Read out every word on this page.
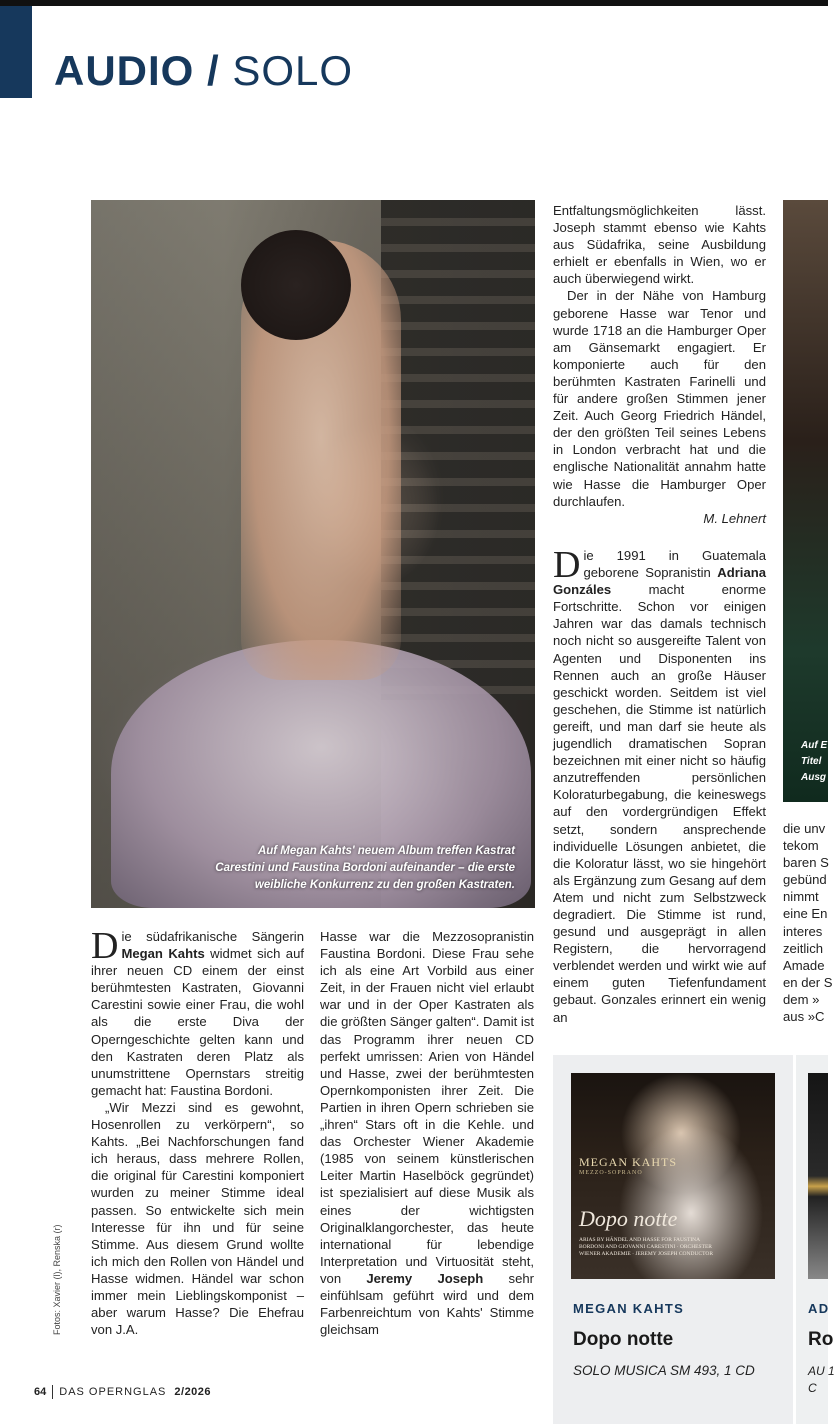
AUDIO / SOLO
Auf Megan Kahts' neuem Album treffen Kastrat Carestini und Faustina Bordoni aufeinander – die erste weibliche Konkurrenz zu den großen Kastraten.
Auf E
Titel
Ausg

Die südafrikanische Sängerin Megan Kahts widmet sich auf ihrer neuen CD einem der einst berühmtesten Kastraten, Giovanni Carestini sowie einer Frau, die wohl als die erste Diva der Operngeschichte gelten kann und den Kastraten deren Platz als unumstrittene Opernstars streitig gemacht hat: Faustina Bordoni.

„Wir Mezzi sind es gewohnt, Hosenrollen zu verkörpern“, so Kahts. „Bei Nachforschungen fand ich heraus, dass mehrere Rollen, die original für Carestini komponiert wurden zu meiner Stimme ideal passen. So entwickelte sich mein Interesse für ihn und für seine Stimme. Aus diesem Grund wollte ich mich den Rollen von Händel und Hasse widmen. Händel war schon immer mein Lieblingskomponist – aber warum Hasse? Die Ehefrau von J.A.

Hasse war die Mezzosopranistin Faustina Bordoni. Diese Frau sehe ich als eine Art Vorbild aus einer Zeit, in der Frauen nicht viel erlaubt war und in der Oper Kastraten als die größten Sänger galten“. Damit ist das Programm ihrer neuen CD perfekt umrissen: Arien von Händel und Hasse, zwei der berühmtesten Opernkomponisten ihrer Zeit. Die Partien in ihren Opern schrieben sie „ihren“ Stars oft in die Kehle. und das Orchester Wiener Akademie (1985 von seinem künstlerischen Leiter Martin Haselböck gegründet) ist spezialisiert auf diese Musik als eines der wichtigsten Originalklangorchester, das heute international für lebendige Interpretation und Virtuosität steht, von Jeremy Joseph sehr einfühlsam geführt wird und dem Farbenreichtum von Kahts' Stimme gleichsam

Entfaltungsmöglichkeiten lässt. Joseph stammt ebenso wie Kahts aus Südafrika, seine Ausbildung erhielt er ebenfalls in Wien, wo er auch überwiegend wirkt.

Der in der Nähe von Hamburg geborene Hasse war Tenor und wurde 1718 an die Hamburger Oper am Gänsemarkt engagiert. Er komponierte auch für den berühmten Kastraten Farinelli und für andere großen Stimmen jener Zeit. Auch Georg Friedrich Händel, der den größten Teil seines Lebens in London verbracht hat und die englische Nationalität annahm hatte wie Hasse die Hamburger Oper durchlaufen.

M. Lehnert

Die 1991 in Guatemala geborene Sopranistin Adriana Gonzáles macht enorme Fortschritte. Schon vor einigen Jahren war das damals technisch noch nicht so ausgereifte Talent von Agenten und Disponenten ins Rennen auch an große Häuser geschickt worden. Seitdem ist viel geschehen, die Stimme ist natürlich gereift, und man darf sie heute als jugendlich dramatischen Sopran bezeichnen mit einer nicht so häufig anzutreffenden persönlichen Koloraturbegabung, die keineswegs auf den vordergründigen Effekt setzt, sondern ansprechende individuelle Lösungen anbietet, die die Koloratur lässt, wo sie hingehört als Ergänzung zum Gesang auf dem Atem und nicht zum Selbstzweck degradiert. Die Stimme ist rund, gesund und ausgeprägt in allen Registern, die hervorragend verblendet werden und wirkt wie auf einem guten Tiefenfundament gebaut. Gonzales erinnert ein wenig an

die unv
tekom
baren S
gebünd
nimmt
eine En
interes
zeitlich
Amade
en der S
dem »
aus »C
Fotos: Xavier (l), Renska (r)
MEGAN KAHTS
MEZZO-SOPRANO
Dopo notte
ARIAS BY HÄNDEL AND HASSE FOR FAUSTINA BORDONI AND GIOVANNI CARESTINI · ORCHESTER WIENER AKADEMIE · JEREMY JOSEPH CONDUCTOR
MEGAN KAHTS
Dopo notte
SOLO MUSICA SM 493, 1 CD
AD
Ro
AU 1 C
64 DAS OPERNGLAS 2/2026
